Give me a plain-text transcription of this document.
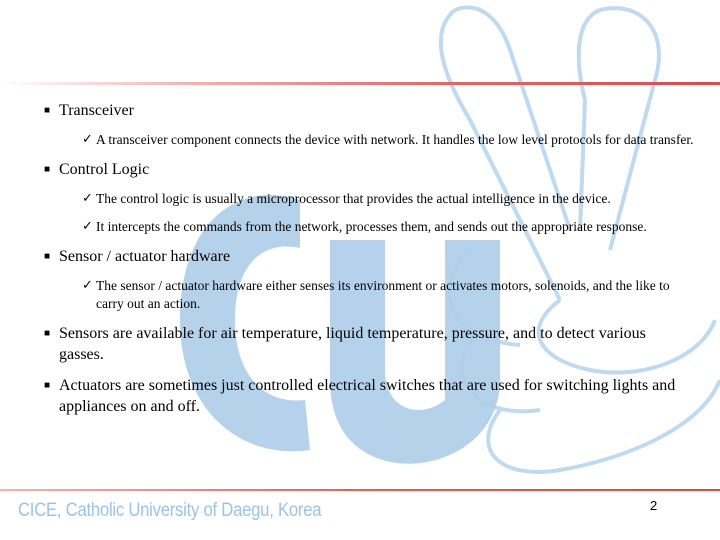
■ Transceiver
✓ A transceiver component connects the device with network. It handles the low level protocols for data transfer.
■ Control Logic
✓ The control logic is usually a microprocessor that provides the actual intelligence in the device.
✓ It intercepts the commands from the network, processes them, and sends out the appropriate response.
■ Sensor / actuator hardware
✓ The sensor / actuator hardware either senses its environment or activates motors, solenoids, and the like to carry out an action.
■ Sensors are available for air temperature, liquid temperature, pressure, and to detect various gasses.
■ Actuators are sometimes just controlled electrical switches that are used for switching lights and appliances on and off.
CICE, Catholic University of Daegu, Korea	2
